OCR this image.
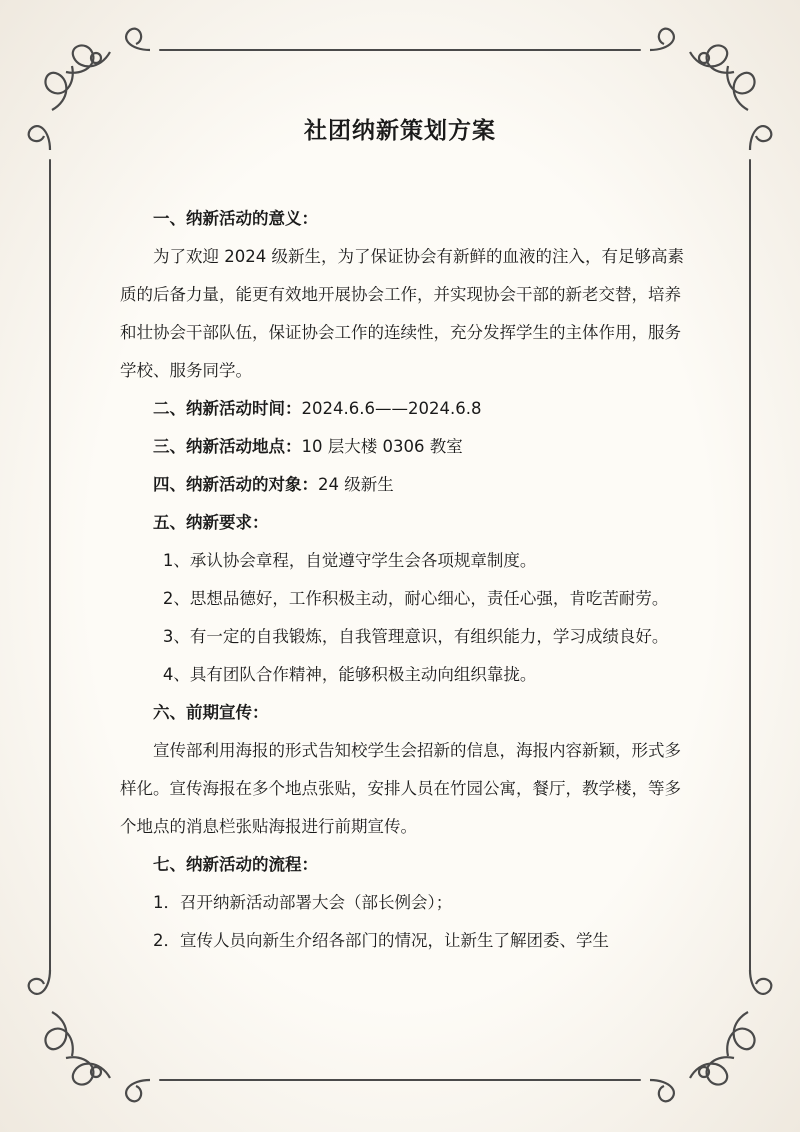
社团纳新策划方案

一、纳新活动的意义：

为了欢迎 2024 级新生，为了保证协会有新鲜的血液的注入，有足够高素质的后备力量，能更有效地开展协会工作，并实现协会干部的新老交替，培养和壮协会干部队伍，保证协会工作的连续性，充分发挥学生的主体作用，服务学校、服务同学。

二、纳新活动时间：2024.6.6——2024.6.8

三、纳新活动地点：10 层大楼 0306 教室

四、纳新活动的对象：24 级新生

五、纳新要求：

1、承认协会章程，自觉遵守学生会各项规章制度。

2、思想品德好，工作积极主动，耐心细心，责任心强，肯吃苦耐劳。

3、有一定的自我锻炼，自我管理意识，有组织能力，学习成绩良好。

4、具有团队合作精神，能够积极主动向组织靠拢。

六、前期宣传：

宣传部利用海报的形式告知校学生会招新的信息，海报内容新颖，形式多样化。宣传海报在多个地点张贴，安排人员在竹园公寓，餐厅，教学楼，等多个地点的消息栏张贴海报进行前期宣传。

七、纳新活动的流程：

1．召开纳新活动部署大会（部长例会）；

2．宣传人员向新生介绍各部门的情况，让新生了解团委、学生
